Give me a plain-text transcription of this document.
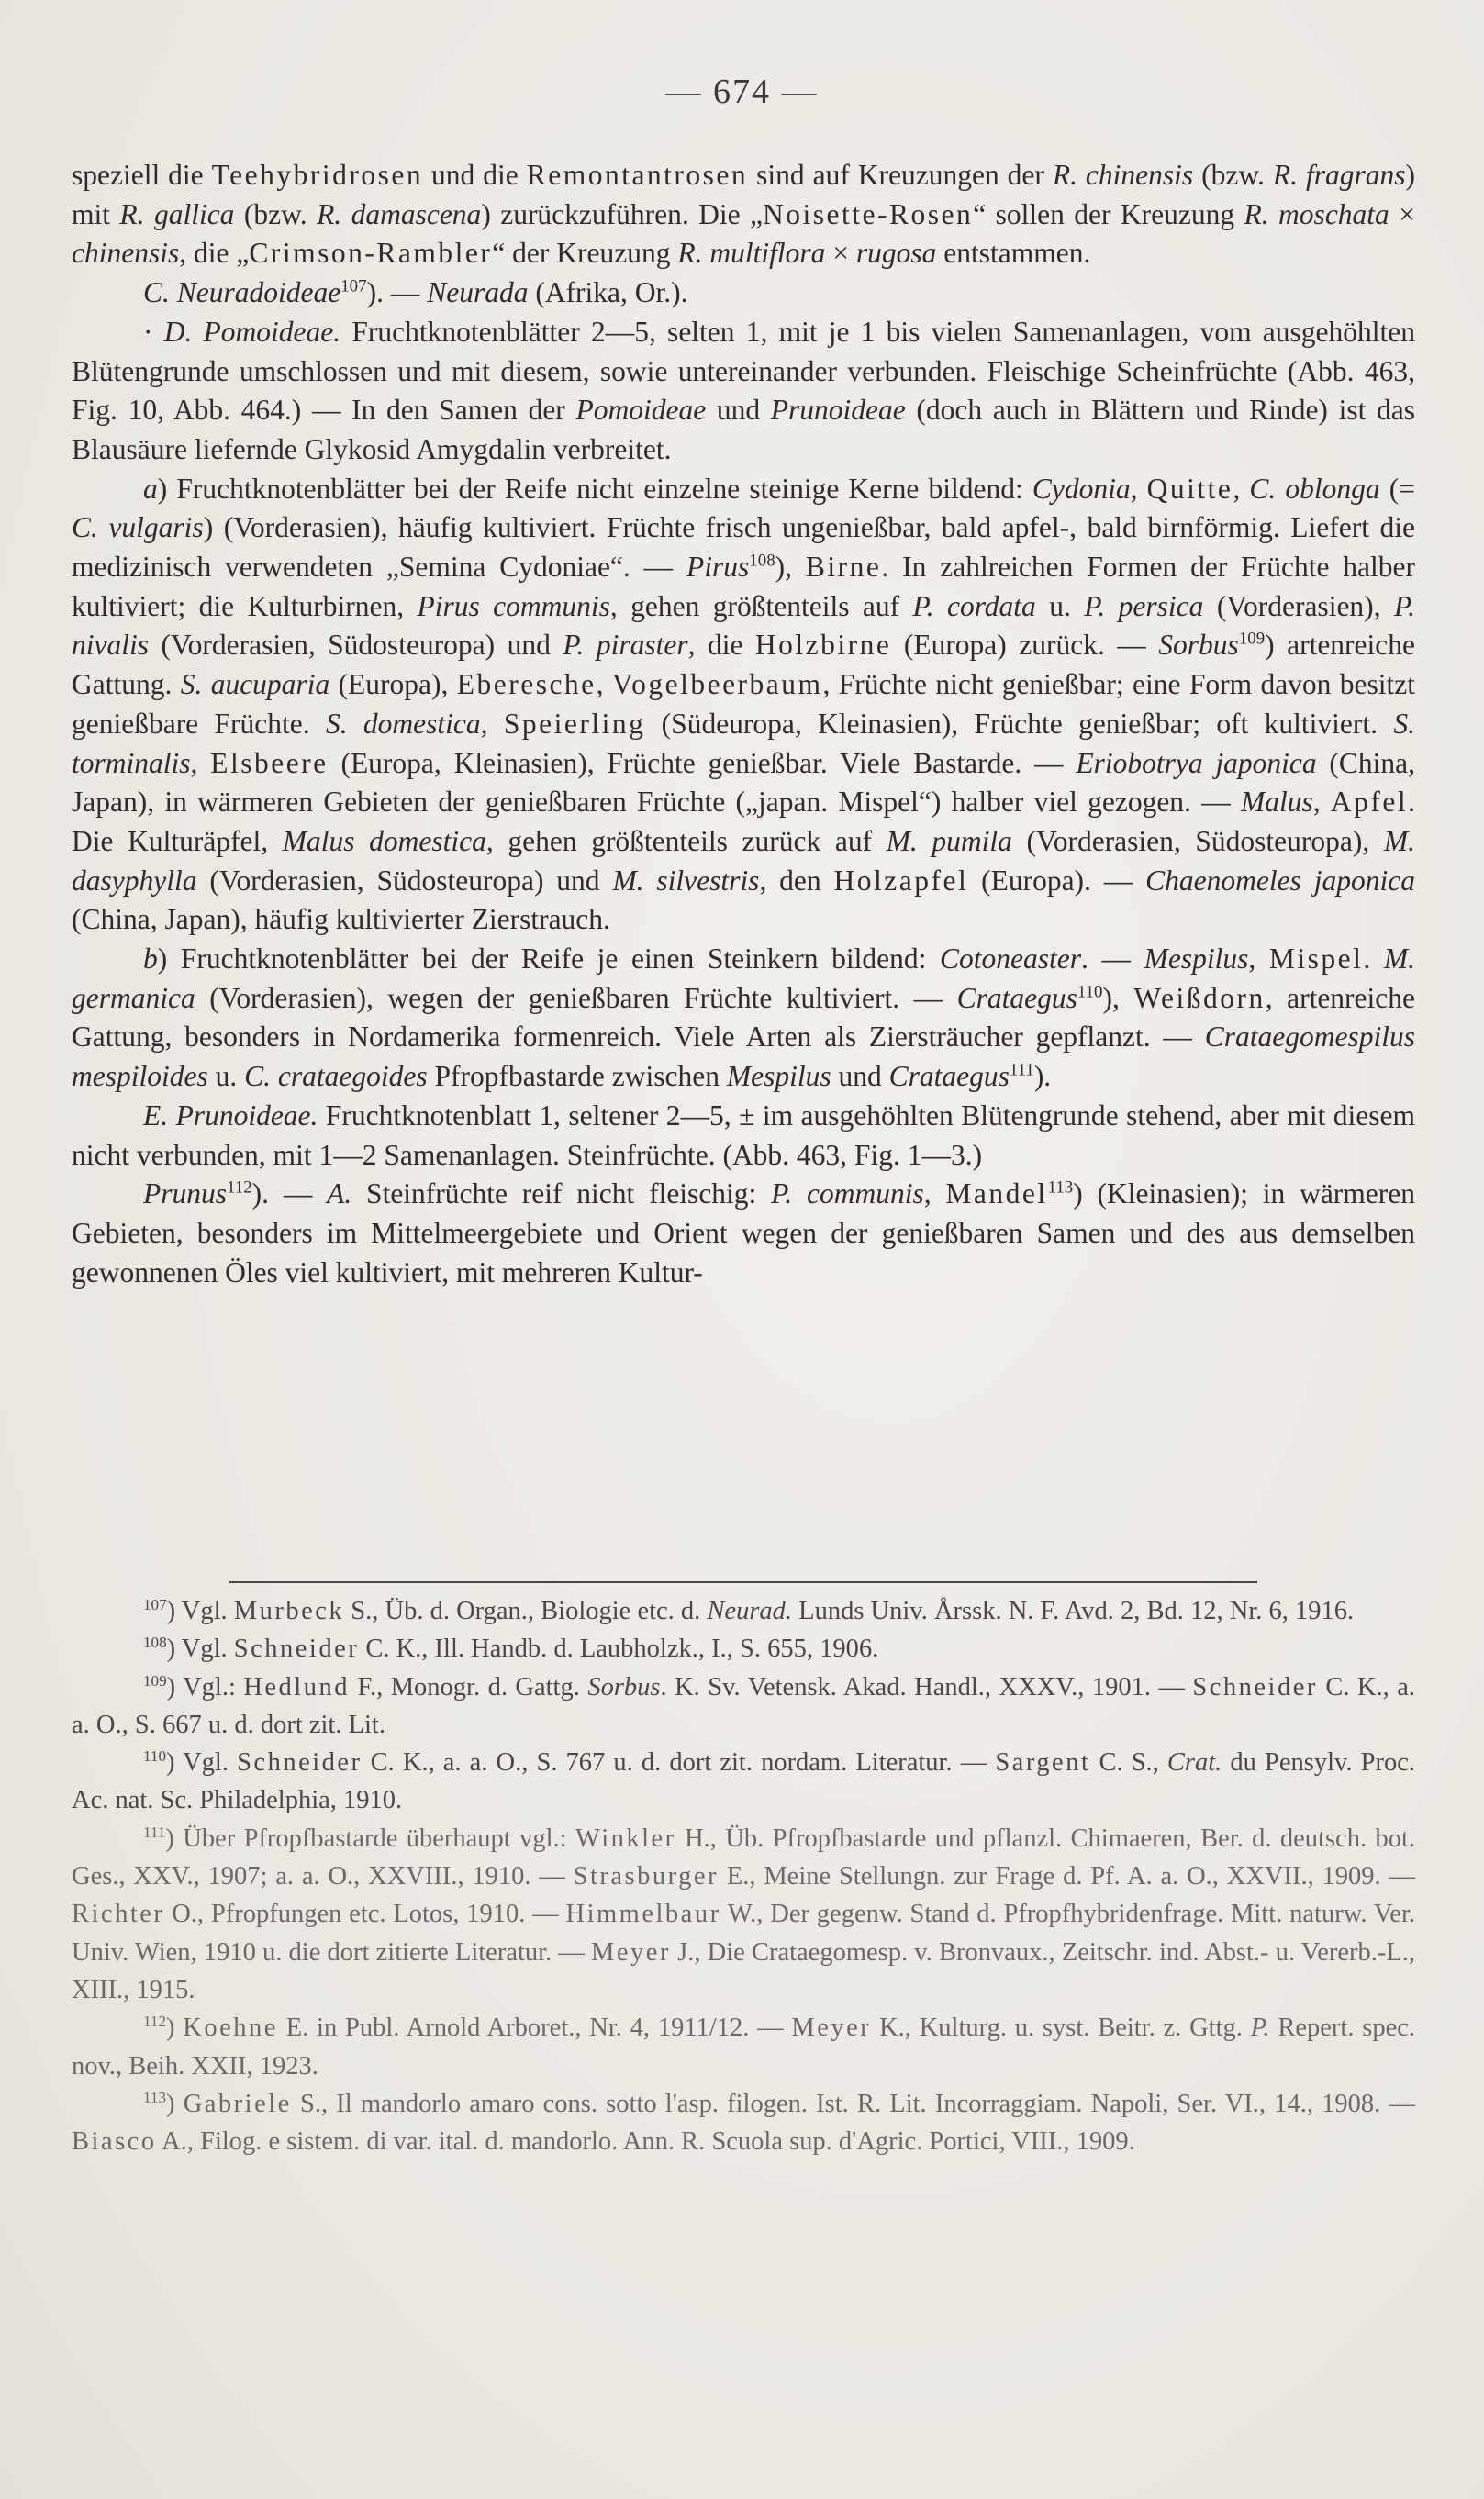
— 674 —

speziell die Teehybridrosen und die Remontantrosen sind auf Kreuzungen der R. chinensis (bzw. R. fragrans) mit R. gallica (bzw. R. damascena) zurückzuführen. Die „Noisette-Rosen“ sollen der Kreuzung R. moschata × chinensis, die „Crimson-Rambler“ der Kreuzung R. multiflora × rugosa entstammen.

C. Neuradoideae$^{107}$). — Neurada (Afrika, Or.).

· D. Pomoideae. Fruchtknotenblätter 2—5, selten 1, mit je 1 bis vielen Samenanlagen, vom ausgehöhlten Blütengrunde umschlossen und mit diesem, sowie untereinander verbunden. Fleischige Scheinfrüchte (Abb. 463, Fig. 10, Abb. 464.) — In den Samen der Pomoideae und Prunoideae (doch auch in Blättern und Rinde) ist das Blausäure liefernde Glykosid Amygdalin verbreitet.

a) Fruchtknotenblätter bei der Reife nicht einzelne steinige Kerne bildend: Cydonia, Quitte, C. oblonga (= C. vulgaris) (Vorderasien), häufig kultiviert. Früchte frisch ungenießbar, bald apfel-, bald birnförmig. Liefert die medizinisch verwendeten „Semina Cydoniae“. — Pirus$^{108}$), Birne. In zahlreichen Formen der Früchte halber kultiviert; die Kulturbirnen, Pirus communis, gehen größtenteils auf P. cordata u. P. persica (Vorderasien), P. nivalis (Vorderasien, Südosteuropa) und P. piraster, die Holzbirne (Europa) zurück. — Sorbus$^{109}$) artenreiche Gattung. S. aucuparia (Europa), Eberesche, Vogelbeerbaum, Früchte nicht genießbar; eine Form davon besitzt genießbare Früchte. S. domestica, Speierling (Südeuropa, Kleinasien), Früchte genießbar; oft kultiviert. S. torminalis, Elsbeere (Europa, Kleinasien), Früchte genießbar. Viele Bastarde. — Eriobotrya japonica (China, Japan), in wärmeren Gebieten der genießbaren Früchte („japan. Mispel“) halber viel gezogen. — Malus, Apfel. Die Kulturäpfel, Malus domestica, gehen größtenteils zurück auf M. pumila (Vorderasien, Südosteuropa), M. dasyphylla (Vorderasien, Südosteuropa) und M. silvestris, den Holzapfel (Europa). — Chaenomeles japonica (China, Japan), häufig kultivierter Zierstrauch.

b) Fruchtknotenblätter bei der Reife je einen Steinkern bildend: Cotoneaster. — Mespilus, Mispel. M. germanica (Vorderasien), wegen der genießbaren Früchte kultiviert. — Crataegus$^{110}$), Weißdorn, artenreiche Gattung, besonders in Nordamerika formenreich. Viele Arten als Ziersträucher gepflanzt. — Crataegomespilus mespiloides u. C. crataegoides Pfropfbastarde zwischen Mespilus und Crataegus$^{111}$).

E. Prunoideae. Fruchtknotenblatt 1, seltener 2—5, ± im ausgehöhlten Blütengrunde stehend, aber mit diesem nicht verbunden, mit 1—2 Samenanlagen. Steinfrüchte. (Abb. 463, Fig. 1—3.)

Prunus$^{112}$). — A. Steinfrüchte reif nicht fleischig: P. communis, Mandel$^{113}$) (Kleinasien); in wärmeren Gebieten, besonders im Mittelmeergebiete und Orient wegen der genießbaren Samen und des aus demselben gewonnenen Öles viel kultiviert, mit mehreren Kultur-

$^{107}$) Vgl. Murbeck S., Üb. d. Organ., Biologie etc. d. Neurad. Lunds Univ. Årssk. N. F. Avd. 2, Bd. 12, Nr. 6, 1916.

$^{108}$) Vgl. Schneider C. K., Ill. Handb. d. Laubholzk., I., S. 655, 1906.

$^{109}$) Vgl.: Hedlund F., Monogr. d. Gattg. Sorbus. K. Sv. Vetensk. Akad. Handl., XXXV., 1901. — Schneider C. K., a. a. O., S. 667 u. d. dort zit. Lit.

$^{110}$) Vgl. Schneider C. K., a. a. O., S. 767 u. d. dort zit. nordam. Literatur. — Sargent C. S., Crat. du Pensylv. Proc. Ac. nat. Sc. Philadelphia, 1910.

$^{111}$) Über Pfropfbastarde überhaupt vgl.: Winkler H., Üb. Pfropfbastarde und pflanzl. Chimaeren, Ber. d. deutsch. bot. Ges., XXV., 1907; a. a. O., XXVIII., 1910. — Strasburger E., Meine Stellungn. zur Frage d. Pf. A. a. O., XXVII., 1909. — Richter O., Pfropfungen etc. Lotos, 1910. — Himmelbaur W., Der gegenw. Stand d. Pfropfhybridenfrage. Mitt. naturw. Ver. Univ. Wien, 1910 u. die dort zitierte Literatur. — Meyer J., Die Crataegomesp. v. Bronvaux., Zeitschr. ind. Abst.- u. Vererb.-L., XIII., 1915.

$^{112}$) Koehne E. in Publ. Arnold Arboret., Nr. 4, 1911/12. — Meyer K., Kulturg. u. syst. Beitr. z. Gttg. P. Repert. spec. nov., Beih. XXII, 1923.

$^{113}$) Gabriele S., Il mandorlo amaro cons. sotto l'asp. filogen. Ist. R. Lit. Incorraggiam. Napoli, Ser. VI., 14., 1908. — Biasco A., Filog. e sistem. di var. ital. d. mandorlo. Ann. R. Scuola sup. d'Agric. Portici, VIII., 1909.
